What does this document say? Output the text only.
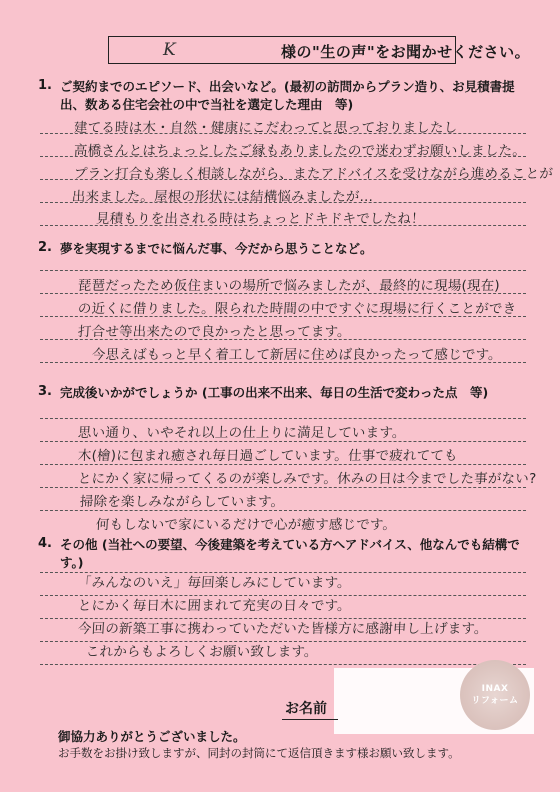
K	様の"生の声"をお聞かせください。
1. ご契約までのエピソード、出会いなど。(最初の訪問からプラン造り、お見積書提出、数ある住宅会社の中で当社を選定した理由　等)
建てる時は木・自然・健康にこだわってと思っておりましたし
高橋さんとはちょっとしたご縁もありましたので迷わずお願いしました。
プラン打合も楽しく相談しながら、またアドバイスを受けながら進めることが
出来ました。屋根の形状には結構悩みましたが…
見積もりを出される時はちょっとドキドキでしたね！
2. 夢を実現するまでに悩んだ事、今だから思うことなど。
琵琶だったため仮住まいの場所で悩みましたが、最終的に現場(現在)
の近くに借りました。限られた時間の中ですぐに現場に行くことができ
打合せ等出来たので良かったと思ってます。
今思えばもっと早く着工して新居に住めば良かったって感じです。
3. 完成後いかがでしょうか (工事の出来不出来、毎日の生活で変わった点　等)
思い通り、いやそれ以上の仕上りに満足しています。
木(檜)に包まれ癒され毎日過ごしています。仕事で疲れてても
とにかく家に帰ってくるのが楽しみです。休みの日は今までした事がない?
掃除を楽しみながらしています。
何もしないで家にいるだけで心が癒す感じです。
4. その他 (当社への要望、今後建築を考えている方へアドバイス、他なんでも結構です。)
「みんなのいえ」毎回楽しみにしています。
とにかく毎日木に囲まれて充実の日々です。
今回の新築工事に携わっていただいた皆様方に感謝申し上げます。
これからもよろしくお願い致します。
お名前
INAX
リフォーム
御協力ありがとうございました。
お手数をお掛け致しますが、同封の封筒にて返信頂きます様お願い致します。
